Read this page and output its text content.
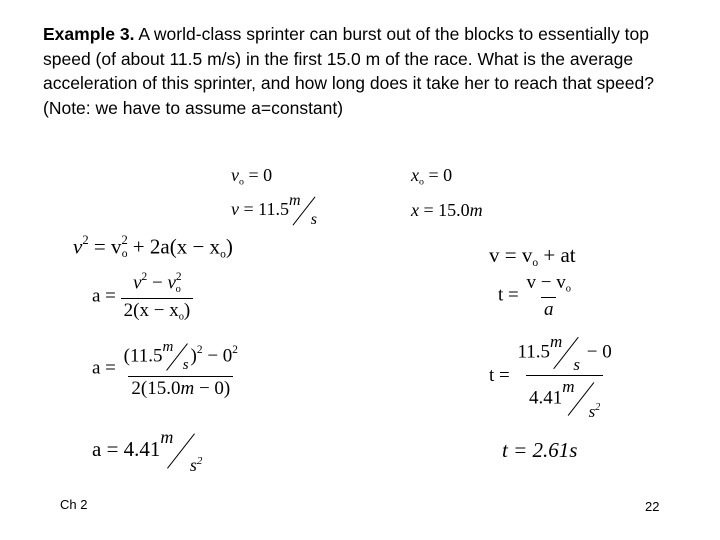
Example 3. A world-class sprinter can burst out of the blocks to essentially top speed (of about 11.5 m/s) in the first 15.0 m of the race. What is the average acceleration of this sprinter, and how long does it take her to reach that speed? (Note: we have to assume a=constant)

$v_o = 0$
v = 11.5 m
s
$x_o = 0$
x = 15.0m
$v^2 = v^2_o + 2a(x - x_o)$
$a = \frac{v^2 - v^2_o}{2(x - x_o)}$
a = (11.5 m
s )$^2 - 0^2$
2(15.0m − 0)
a = 4.41 m
$s^2$
$v = v_o$ + at
$t = \frac{v - v_o}{a}$
t = 11.5 m
s
− 0
4.41
m
$s^2$
t = 2.61s
Ch 2	22
